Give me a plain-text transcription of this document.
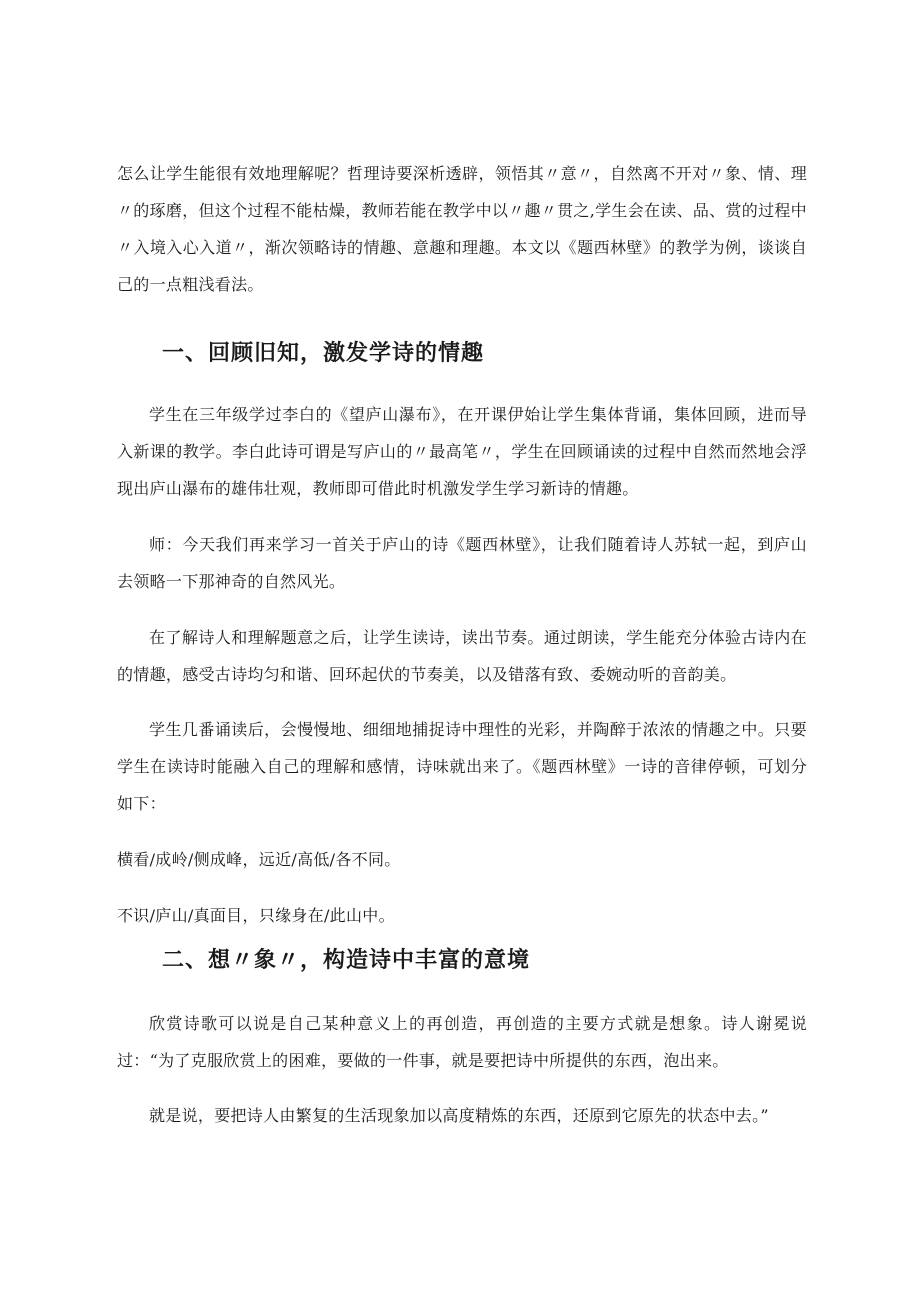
怎么让学生能很有效地理解呢？哲理诗要深析透辟，领悟其〃意〃，自然离不开对〃象、情、理〃的琢磨，但这个过程不能枯燥，教师若能在教学中以〃趣〃贯之,学生会在读、品、赏的过程中〃入境入心入道〃，渐次领略诗的情趣、意趣和理趣。本文以《题西林壁》的教学为例，谈谈自己的一点粗浅看法。

一、回顾旧知，激发学诗的情趣

学生在三年级学过李白的《望庐山瀑布》，在开课伊始让学生集体背诵，集体回顾，进而导入新课的教学。李白此诗可谓是写庐山的〃最高笔〃，学生在回顾诵读的过程中自然而然地会浮现出庐山瀑布的雄伟壮观，教师即可借此时机激发学生学习新诗的情趣。

师：今天我们再来学习一首关于庐山的诗《题西林壁》，让我们随着诗人苏轼一起，到庐山去领略一下那神奇的自然风光。

在了解诗人和理解题意之后，让学生读诗，读出节奏。通过朗读，学生能充分体验古诗内在的情趣，感受古诗均匀和谐、回环起伏的节奏美，以及错落有致、委婉动听的音韵美。

学生几番诵读后，会慢慢地、细细地捕捉诗中理性的光彩，并陶醉于浓浓的情趣之中。只要学生在读诗时能融入自己的理解和感情，诗味就出来了。《题西林壁》一诗的音律停顿，可划分如下：

横看/成岭/侧成峰，远近/高低/各不同。

不识/庐山/真面目，只缘身在/此山中。

二、想〃象〃，构造诗中丰富的意境

欣赏诗歌可以说是自己某种意义上的再创造，再创造的主要方式就是想象。诗人谢冕说过：“为了克服欣赏上的困难，要做的一件事，就是要把诗中所提供的东西，泡出来。

就是说，要把诗人由繁复的生活现象加以高度精炼的东西，还原到它原先的状态中去。”
